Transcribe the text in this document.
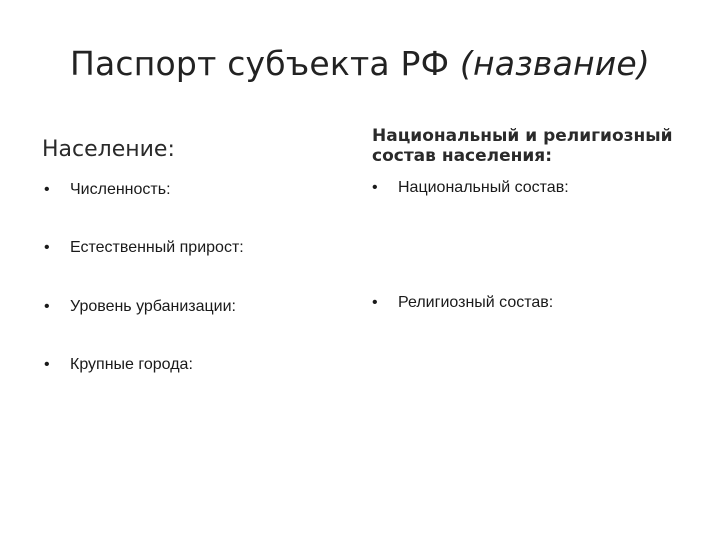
Паспорт субъекта РФ (название)
Население:
Национальный и религиозный состав населения:
• Численность:
• Естественный прирост:
• Уровень урбанизации:
• Крупные города:
• Национальный состав:
• Религиозный состав:
